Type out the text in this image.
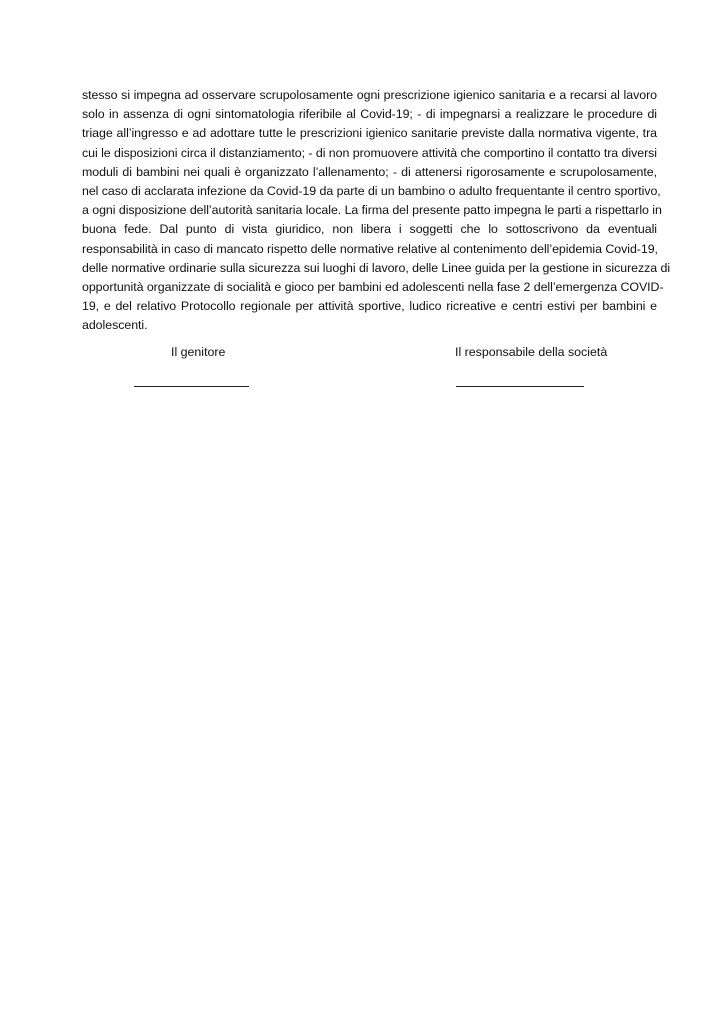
stesso si impegna ad osservare scrupolosamente ogni prescrizione igienico sanitaria e a recarsi al lavoro
solo in assenza di ogni sintomatologia riferibile al Covid-19; - di impegnarsi a realizzare le procedure di
triage all’ingresso e ad adottare tutte le prescrizioni igienico sanitarie previste dalla normativa vigente, tra
cui le disposizioni circa il distanziamento; - di non promuovere attività che comportino il contatto tra diversi
moduli di bambini nei quali è organizzato l’allenamento; - di attenersi rigorosamente e scrupolosamente,
nel caso di acclarata infezione da Covid-19 da parte di un bambino o adulto frequentante il centro sportivo,
a ogni disposizione dell’autorità sanitaria locale. La firma del presente patto impegna le parti a rispettarlo in
buona fede. Dal punto di vista giuridico, non libera i soggetti che lo sottoscrivono da eventuali
responsabilità in caso di mancato rispetto delle normative relative al contenimento dell’epidemia Covid-19,
delle normative ordinarie sulla sicurezza sui luoghi di lavoro, delle Linee guida per la gestione in sicurezza di
opportunità organizzate di socialità e gioco per bambini ed adolescenti nella fase 2 dell’emergenza COVID-
19, e del relativo Protocollo regionale per attività sportive, ludico ricreative e centri estivi per bambini e
adolescenti.
Il genitore	Il responsabile della società
